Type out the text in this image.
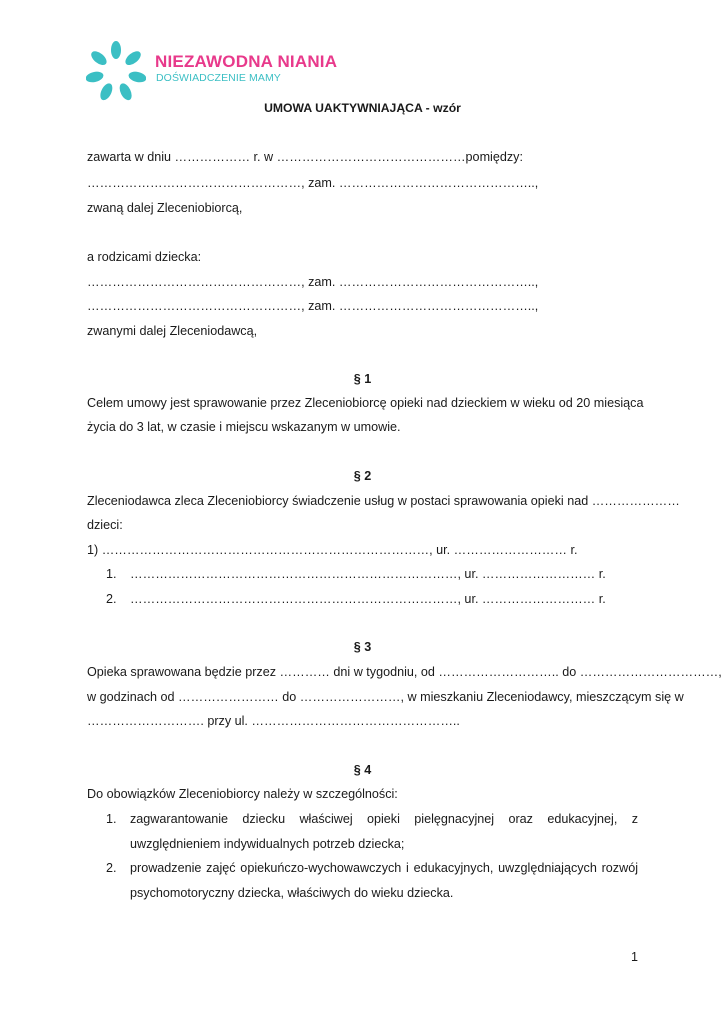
NIEZAWODNA NIANIA
DOŚWIADCZENIE MAMY
UMOWA UAKTYWNIAJĄCA - wzór
zawarta w dniu ……………… r. w ………………………………………pomiędzy:
……………………………………………, zam. ………………………………………..,
zwaną dalej Zleceniobiorcą,
a rodzicami dziecka:
……………………………………………, zam. ………………………………………..,
……………………………………………, zam. ………………………………………..,
zwanymi dalej Zleceniodawcą,
§ 1
Celem umowy jest sprawowanie przez Zleceniobiorcę opieki nad dzieckiem w wieku od 20 miesiąca
życia do 3 lat, w czasie i miejscu wskazanym w umowie.
§ 2
Zleceniodawca zleca Zleceniobiorcy świadczenie usług w postaci sprawowania opieki nad …………………
dzieci:
1) ……………………………………………………………………, ur. ……………………… r.
1. ……………………………………………………………………, ur. ……………………… r.
2. ……………………………………………………………………, ur. ……………………… r.
§ 3
Opieka sprawowana będzie przez ………… dni w tygodniu, od ……………………….. do ……………………………,
w godzinach od …………………… do ……………………, w mieszkaniu Zleceniodawcy, mieszczącym się w
………………………. przy ul. …………………………………………..
§ 4
Do obowiązków Zleceniobiorcy należy w szczególności:
1. zagwarantowanie dziecku właściwej opieki pielęgnacyjnej oraz edukacyjnej, z
uwzględnieniem indywidualnych potrzeb dziecka;
2. prowadzenie zajęć opiekuńczo-wychowawczych i edukacyjnych, uwzględniających rozwój
psychomotoryczny dziecka, właściwych do wieku dziecka.
1
